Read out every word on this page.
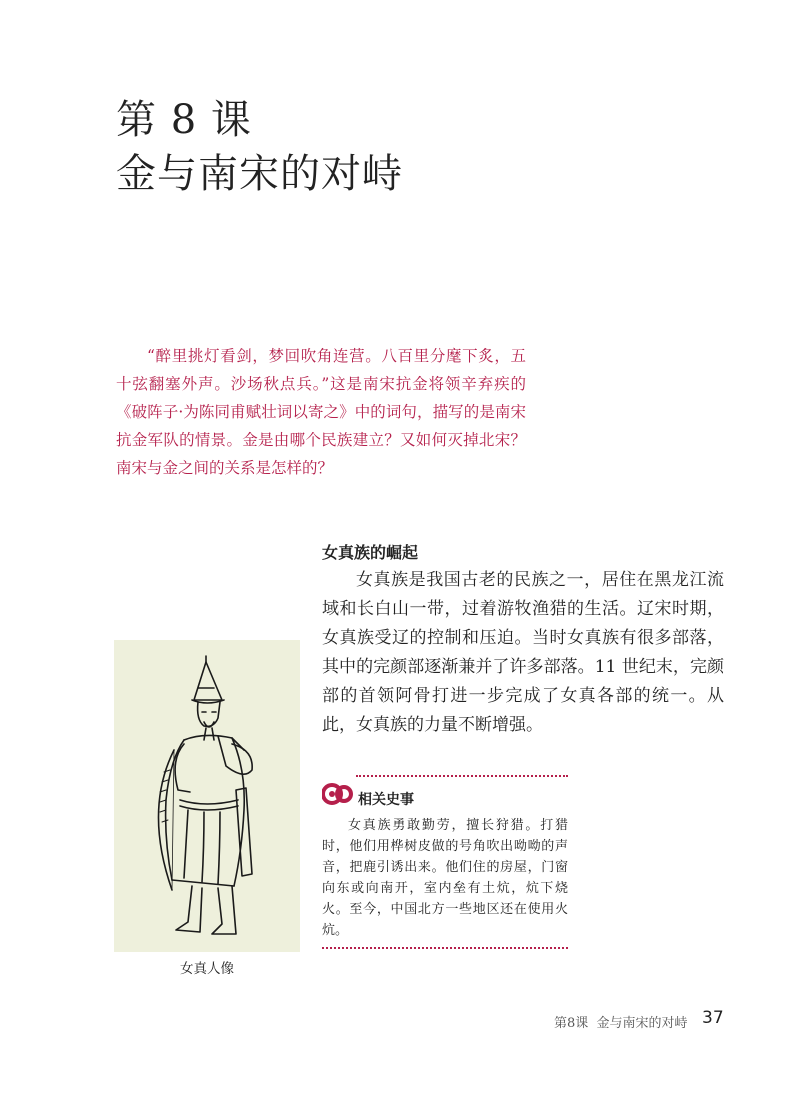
第 8 课
金与南宋的对峙

“醉里挑灯看剑，梦回吹角连营。八百里分麾下炙，五十弦翻塞外声。沙场秋点兵。”这是南宋抗金将领辛弃疾的《破阵子·为陈同甫赋壮词以寄之》中的词句，描写的是南宋抗金军队的情景。金是由哪个民族建立？又如何灭掉北宋？南宋与金之间的关系是怎样的？

女真族的崛起

女真族是我国古老的民族之一，居住在黑龙江流域和长白山一带，过着游牧渔猎的生活。辽宋时期，女真族受辽的控制和压迫。当时女真族有很多部落，其中的完颜部逐渐兼并了许多部落。11 世纪末，完颜部的首领阿骨打进一步完成了女真各部的统一。从此，女真族的力量不断增强。

女真人像
相关史事

女真族勇敢勤劳，擅长狩猎。打猎时，他们用桦树皮做的号角吹出呦呦的声音，把鹿引诱出来。他们住的房屋，门窗向东或向南开，室内垒有土炕，炕下烧火。至今，中国北方一些地区还在使用火炕。

第8课  金与南宋的对峙 37
